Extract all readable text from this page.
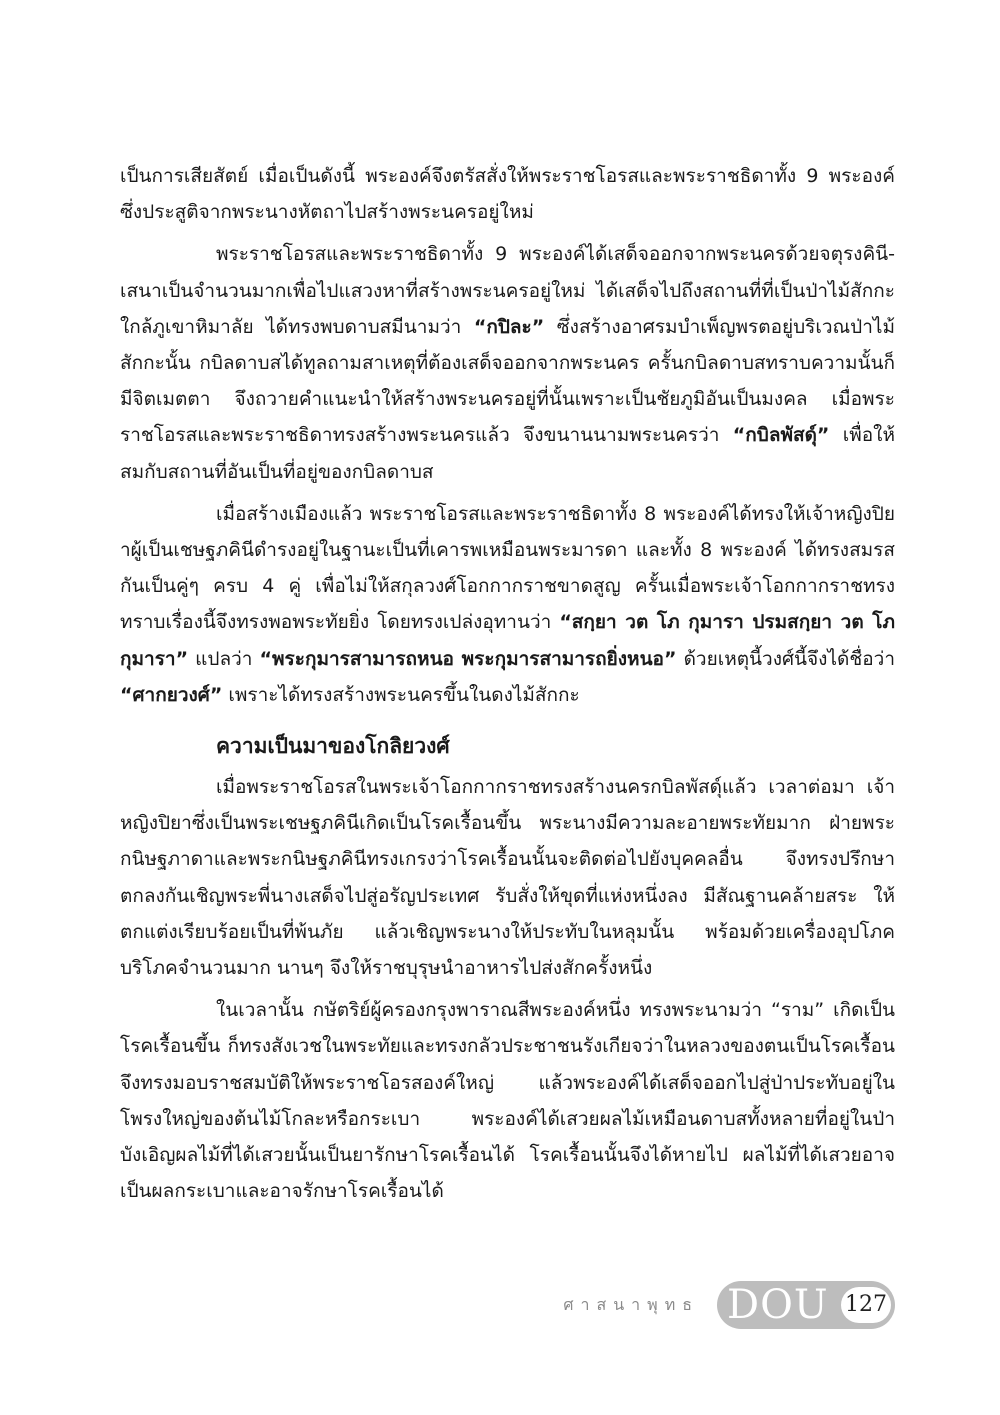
เป็นการเสียสัตย์ เมื่อเป็นดังนี้ พระองค์จึงตรัสสั่งให้พระราชโอรสและพระราชธิดาทั้ง 9 พระองค์ ซึ่งประสูติจากพระนางหัตถาไปสร้างพระนครอยู่ใหม่

พระราชโอรสและพระราชธิดาทั้ง 9 พระองค์ได้เสด็จออกจากพระนครด้วยจตุรงคินี-เสนาเป็นจำนวนมากเพื่อไปแสวงหาที่สร้างพระนครอยู่ใหม่ ได้เสด็จไปถึงสถานที่ที่เป็นป่าไม้สักกะใกล้ภูเขาหิมาลัย ได้ทรงพบดาบสมีนามว่า “กปิละ” ซึ่งสร้างอาศรมบำเพ็ญพรตอยู่บริเวณป่าไม้สักกะนั้น กบิลดาบสได้ทูลถามสาเหตุที่ต้องเสด็จออกจากพระนคร ครั้นกบิลดาบสทราบความนั้นก็มีจิตเมตตา จึงถวายคำแนะนำให้สร้างพระนครอยู่ที่นั้นเพราะเป็นชัยภูมิอันเป็นมงคล เมื่อพระราชโอรสและพระราชธิดาทรงสร้างพระนครแล้ว จึงขนานนามพระนครว่า “กบิลพัสดุ์” เพื่อให้สมกับสถานที่อันเป็นที่อยู่ของกบิลดาบส

เมื่อสร้างเมืองแล้ว พระราชโอรสและพระราชธิดาทั้ง 8 พระองค์ได้ทรงให้เจ้าหญิงปิยาผู้เป็นเชษฐภคินีดำรงอยู่ในฐานะเป็นที่เคารพเหมือนพระมารดา และทั้ง 8 พระองค์ ได้ทรงสมรสกันเป็นคู่ๆ ครบ 4 คู่ เพื่อไม่ให้สกุลวงศ์โอกกากราชขาดสูญ ครั้นเมื่อพระเจ้าโอกกากราชทรงทราบเรื่องนี้จึงทรงพอพระทัยยิ่ง โดยทรงเปล่งอุทานว่า “สกฺยา วต โภ กุมารา ปรมสกฺยา วต โภ กุมารา” แปลว่า “พระกุมารสามารถหนอ พระกุมารสามารถยิ่งหนอ” ด้วยเหตุนี้วงศ์นี้จึงได้ชื่อว่า “ศากยวงศ์” เพราะได้ทรงสร้างพระนครขึ้นในดงไม้สักกะ

ความเป็นมาของโกลิยวงศ์

เมื่อพระราชโอรสในพระเจ้าโอกกากราชทรงสร้างนครกบิลพัสดุ์แล้ว เวลาต่อมา เจ้าหญิงปิยาซึ่งเป็นพระเชษฐภคินีเกิดเป็นโรคเรื้อนขึ้น พระนางมีความละอายพระทัยมาก ฝ่ายพระกนิษฐภาดาและพระกนิษฐภคินีทรงเกรงว่าโรคเรื้อนนั้นจะติดต่อไปยังบุคคลอื่น จึงทรงปรึกษาตกลงกันเชิญพระพี่นางเสด็จไปสู่อรัญประเทศ รับสั่งให้ขุดที่แห่งหนึ่งลง มีสัณฐานคล้ายสระ ให้ตกแต่งเรียบร้อยเป็นที่พ้นภัย แล้วเชิญพระนางให้ประทับในหลุมนั้น พร้อมด้วยเครื่องอุปโภคบริโภคจำนวนมาก นานๆ จึงให้ราชบุรุษนำอาหารไปส่งสักครั้งหนึ่ง

ในเวลานั้น กษัตริย์ผู้ครองกรุงพาราณสีพระองค์หนึ่ง ทรงพระนามว่า “ราม” เกิดเป็นโรคเรื้อนขึ้น ก็ทรงสังเวชในพระทัยและทรงกลัวประชาชนรังเกียจว่าในหลวงของตนเป็นโรคเรื้อน จึงทรงมอบราชสมบัติให้พระราชโอรสองค์ใหญ่ แล้วพระองค์ได้เสด็จออกไปสู่ป่าประทับอยู่ในโพรงใหญ่ของต้นไม้โกละหรือกระเบา พระองค์ได้เสวยผลไม้เหมือนดาบสทั้งหลายที่อยู่ในป่า บังเอิญผลไม้ที่ได้เสวยนั้นเป็นยารักษาโรคเรื้อนได้ โรคเรื้อนนั้นจึงได้หายไป ผลไม้ที่ได้เสวยอาจเป็นผลกระเบาและอาจรักษาโรคเรื้อนได้

ศาสนาพุทธ DOU 127
